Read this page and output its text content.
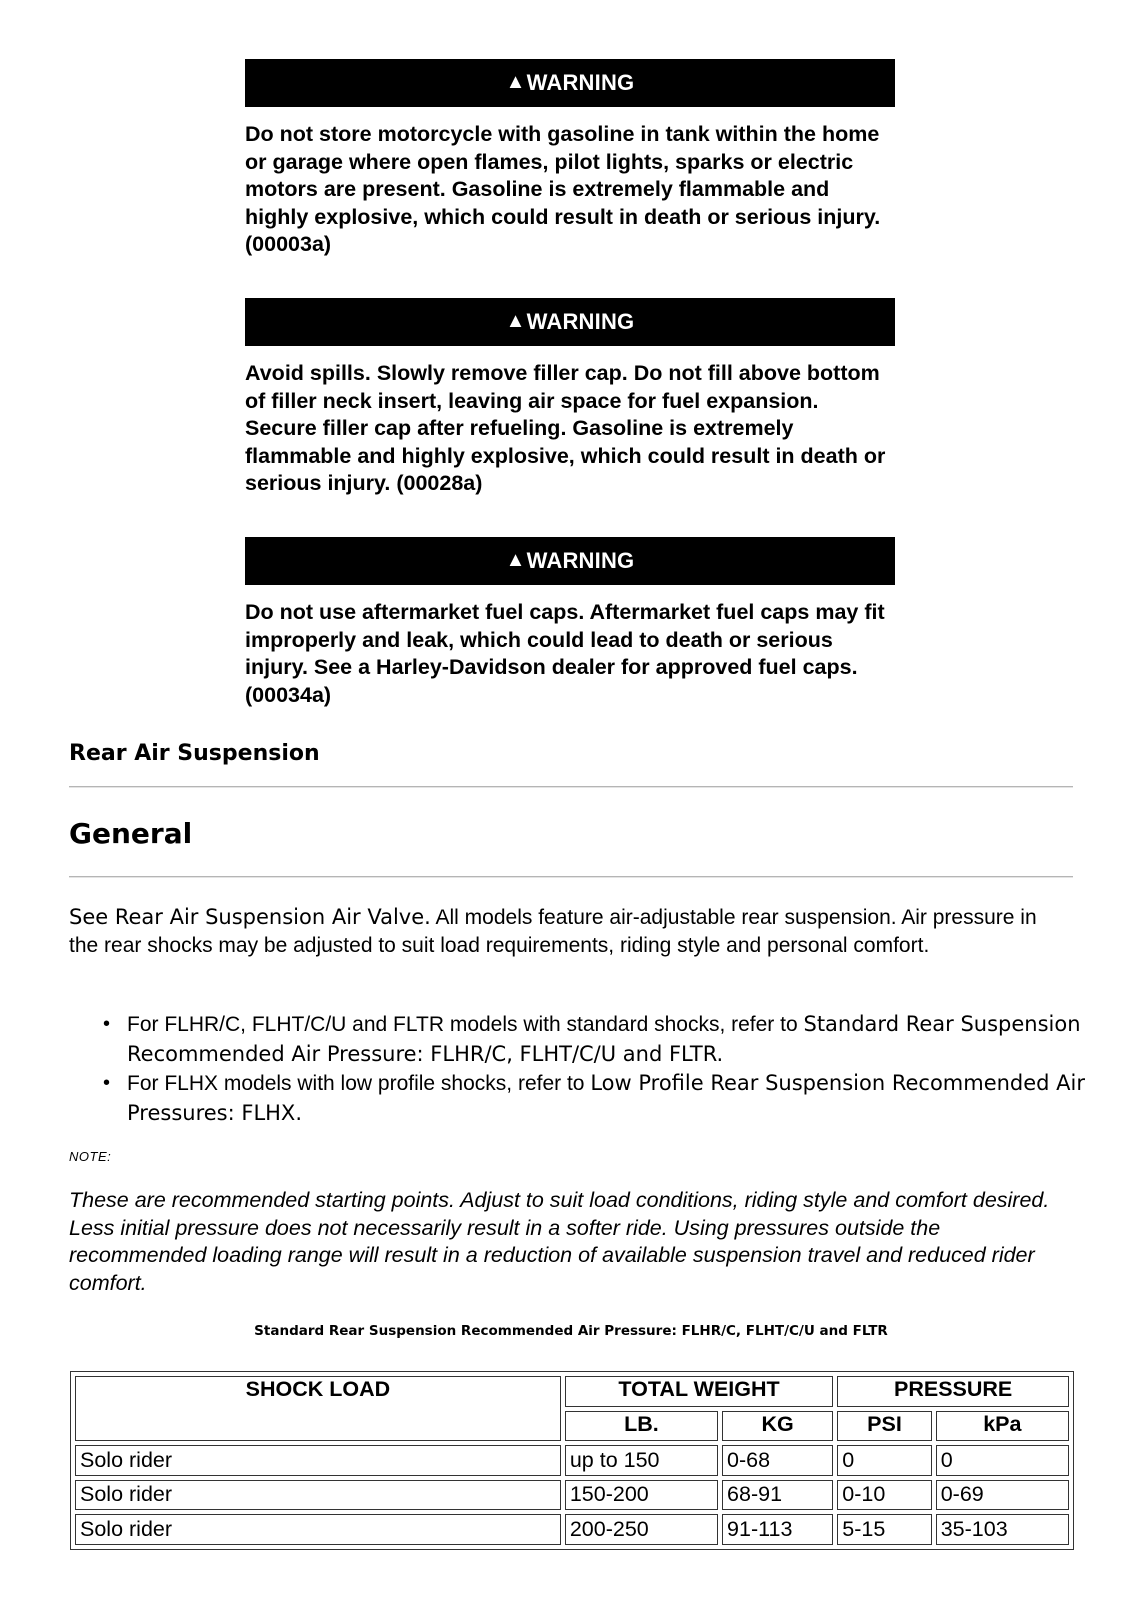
▲ WARNING

Do not store motorcycle with gasoline in tank within the home or garage where open flames, pilot lights, sparks or electric motors are present. Gasoline is extremely flammable and highly explosive, which could result in death or serious injury. (00003a)

▲ WARNING

Avoid spills. Slowly remove filler cap. Do not fill above bottom of filler neck insert, leaving air space for fuel expansion. Secure filler cap after refueling. Gasoline is extremely flammable and highly explosive, which could result in death or serious injury. (00028a)

▲ WARNING

Do not use aftermarket fuel caps. Aftermarket fuel caps may fit improperly and leak, which could lead to death or serious injury. See a Harley-Davidson dealer for approved fuel caps. (00034a)

Rear Air Suspension
General
See Rear Air Suspension Air Valve. All models feature air-adjustable rear suspension. Air pressure in the rear shocks may be adjusted to suit load requirements, riding style and personal comfort.
• For FLHR/C, FLHT/C/U and FLTR models with standard shocks, refer to Standard Rear Suspension Recommended Air Pressure: FLHR/C, FLHT/C/U and FLTR.
• For FLHX models with low profile shocks, refer to Low Profile Rear Suspension Recommended Air Pressures: FLHX.
NOTE:
These are recommended starting points. Adjust to suit load conditions, riding style and comfort desired. Less initial pressure does not necessarily result in a softer ride. Using pressures outside the recommended loading range will result in a reduction of available suspension travel and reduced rider comfort.
Standard Rear Suspension Recommended Air Pressure: FLHR/C, FLHT/C/U and FLTR
SHOCK LOAD	TOTAL WEIGHT		PRESSURE	
	LB.	KG	PSI	kPa
Solo rider	up to 150	0-68	0	0
Solo rider	150-200	68-91	0-10	0-69
Solo rider	200-250	91-113	5-15	35-103
